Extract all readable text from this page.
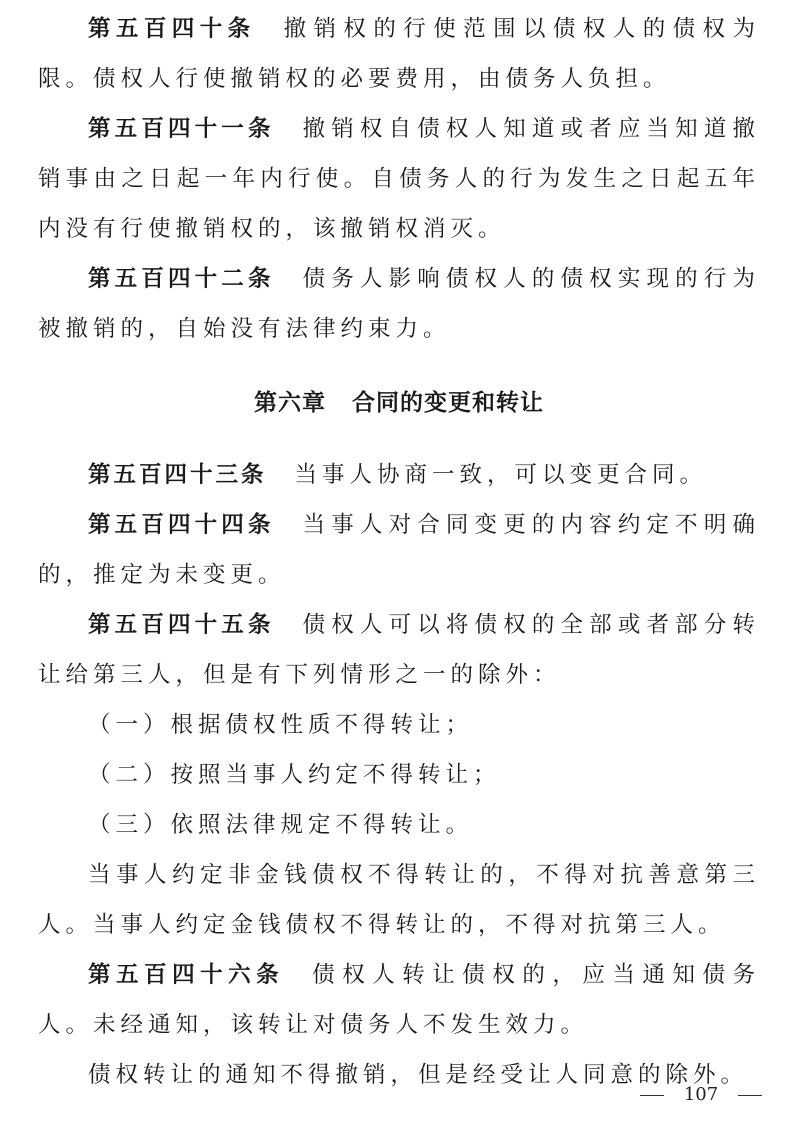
第五百四十条 撤销权的行使范围以债权人的债权为限。债权人行使撤销权的必要费用，由债务人负担。

第五百四十一条 撤销权自债权人知道或者应当知道撤销事由之日起一年内行使。自债务人的行为发生之日起五年内没有行使撤销权的，该撤销权消灭。

第五百四十二条 债务人影响债权人的债权实现的行为被撤销的，自始没有法律约束力。

第六章 合同的变更和转让

第五百四十三条 当事人协商一致，可以变更合同。

第五百四十四条 当事人对合同变更的内容约定不明确的，推定为未变更。

第五百四十五条 债权人可以将债权的全部或者部分转让给第三人，但是有下列情形之一的除外：

（一）根据债权性质不得转让；

（二）按照当事人约定不得转让；

（三）依照法律规定不得转让。

当事人约定非金钱债权不得转让的，不得对抗善意第三人。当事人约定金钱债权不得转让的，不得对抗第三人。

第五百四十六条 债权人转让债权的，应当通知债务人。未经通知，该转让对债务人不发生效力。

债权转让的通知不得撤销，但是经受让人同意的除外。

107
